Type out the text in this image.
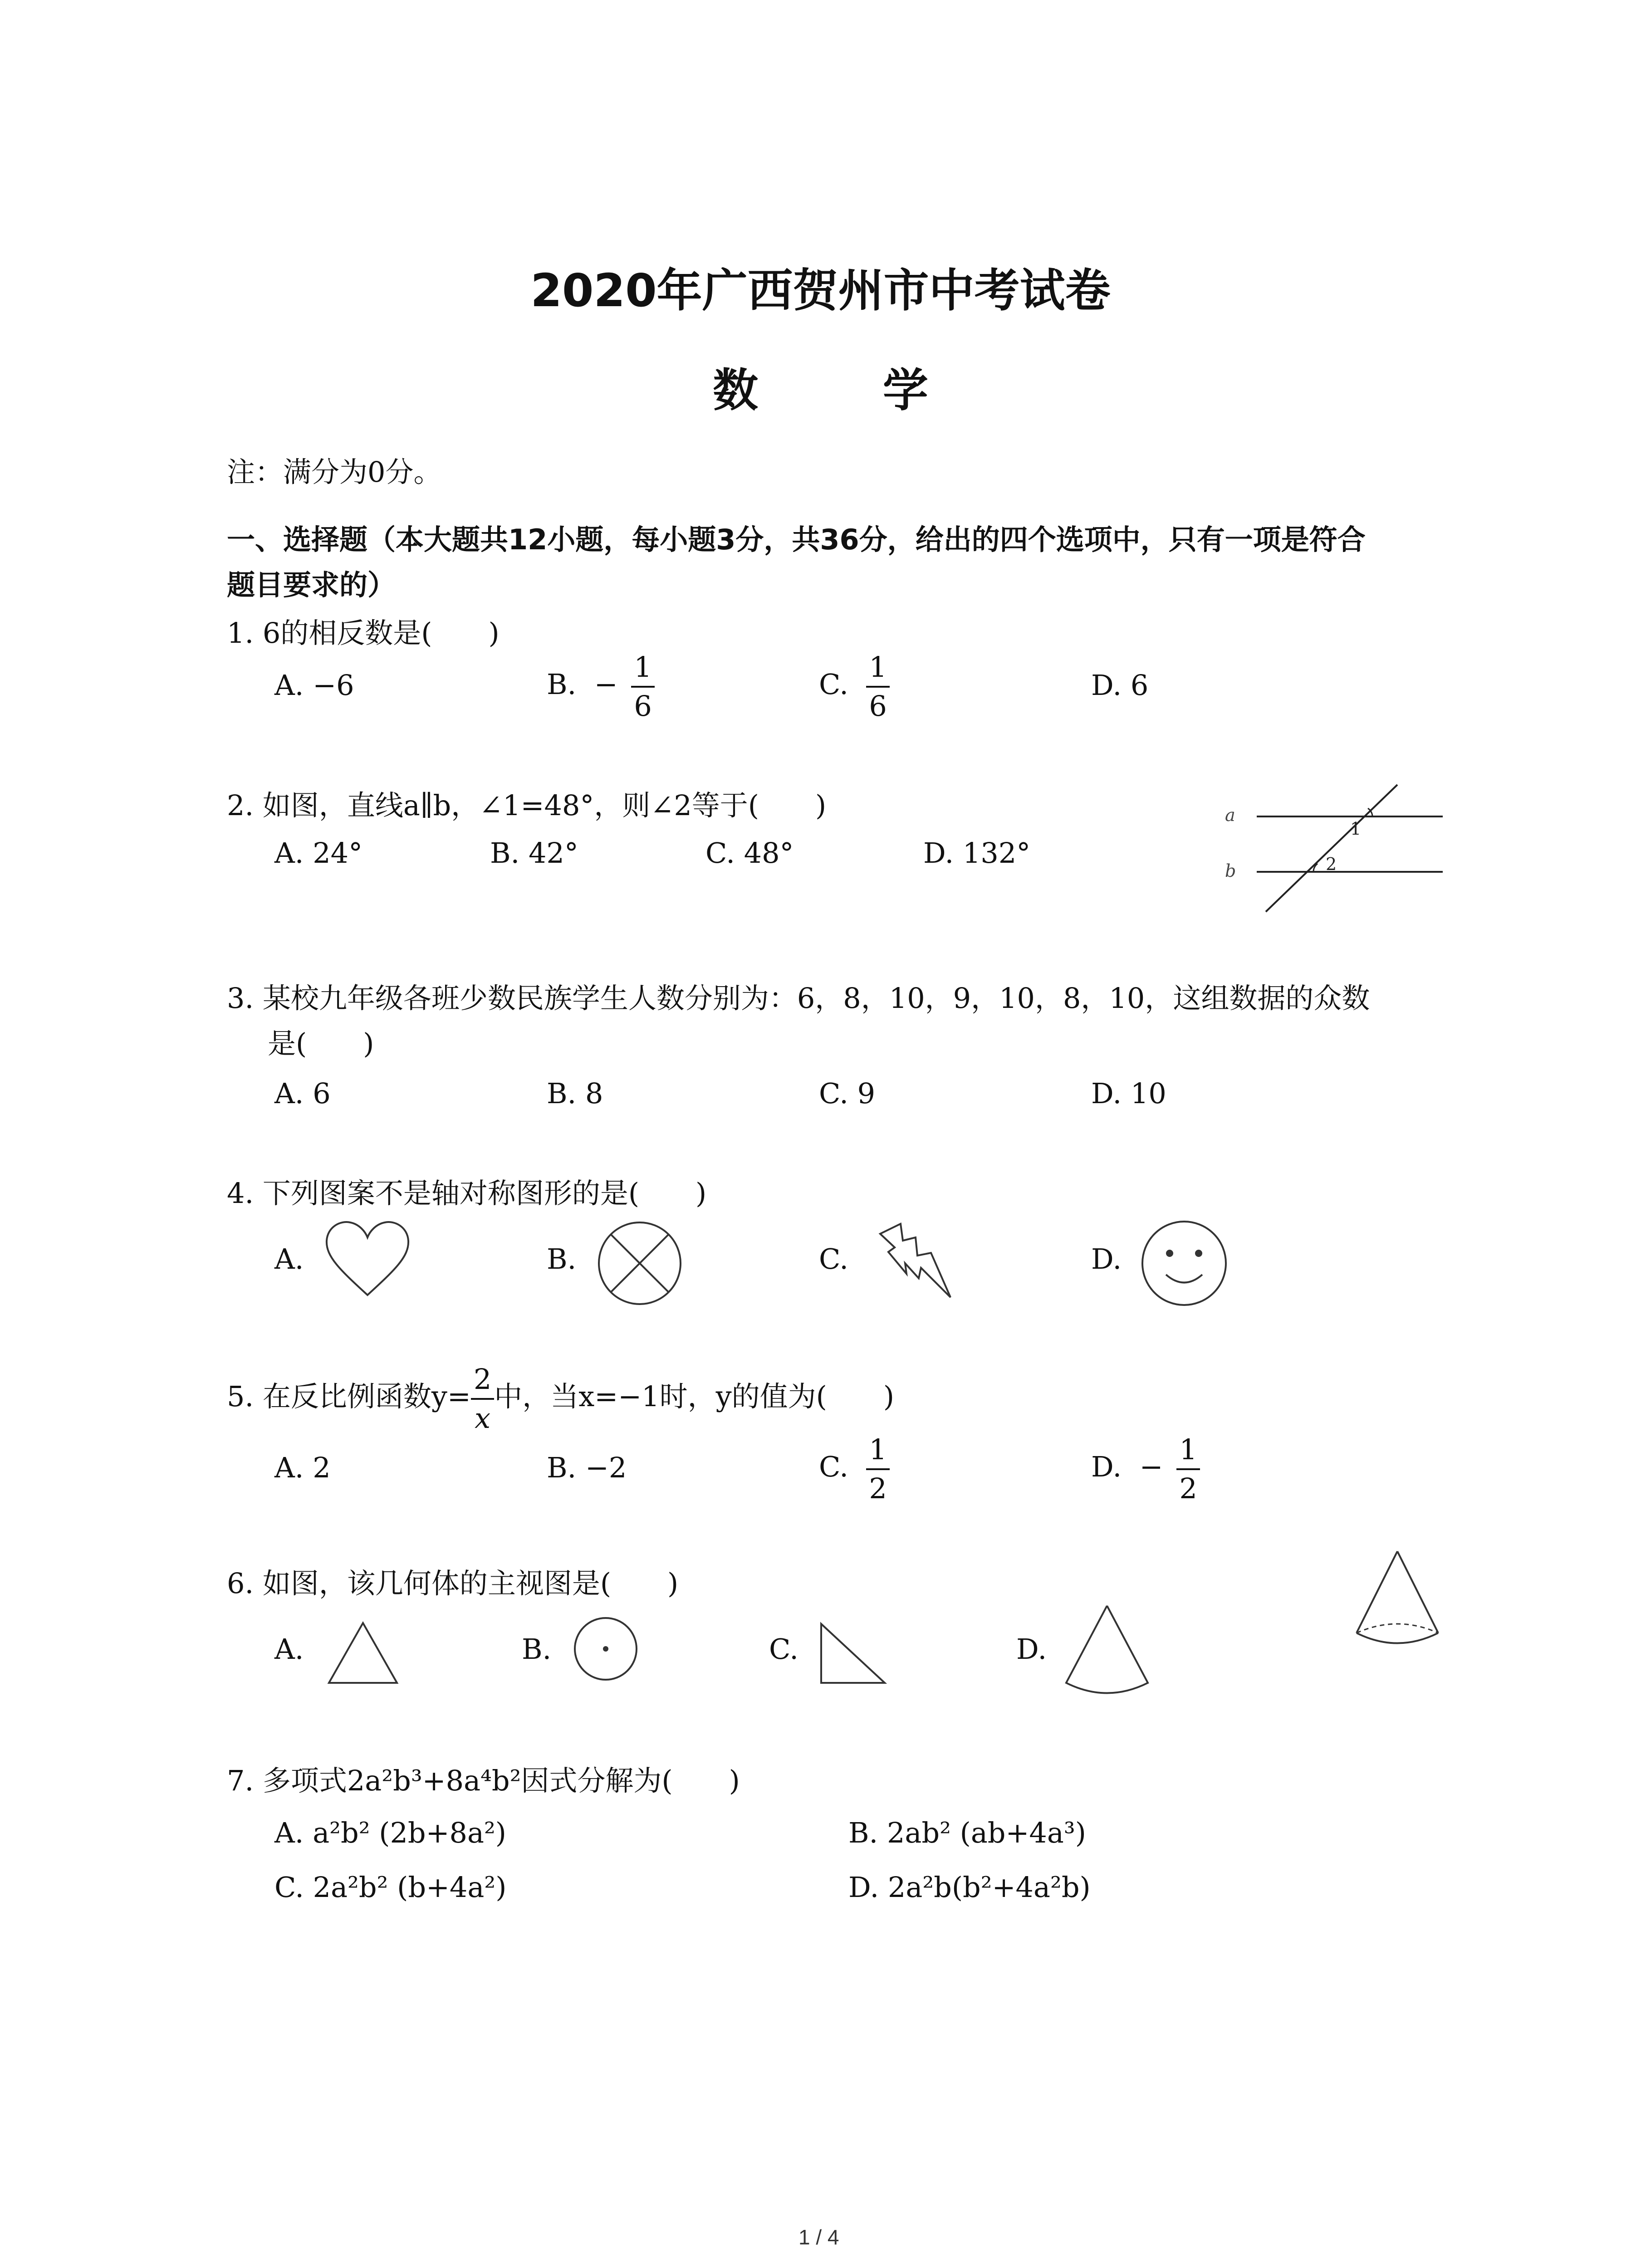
2020年广西贺州市中考试卷
数 学
注：满分为0分。
一、选择题（本大题共12小题，每小题3分，共36分，给出的四个选项中，只有一项是符合
题目要求的）
1. 6的相反数是(　　)
A. −6	B. − $\frac{1}{6}$	C. $\frac{1}{6}$	D. 6
2. 如图，直线a∥b，∠1=48°，则∠2等于(　　)
A. 24°	B. 42°	C. 48°	D. 132°
a
b
1
2
3. 某校九年级各班少数民族学生人数分别为：6，8，10，9，10，8，10，这组数据的众数
是(　　)
A. 6	B. 8	C. 9	D. 10
4. 下列图案不是轴对称图形的是(　　)
A.	B.	C.	D.
5. 在反比例函数$y= \frac{2}{x}$ 中，当x=−1时，y的值为(　　)
A. 2	B. −2	C. $\frac{1}{2}$	D. − $\frac{1}{2}$
6. 如图，该几何体的主视图是(　　)
A.	B.	C.	D.
7. 多项式2a²b³+8a⁴b²因式分解为(　　)
A. a²b² (2b+8a²)	B. 2ab² (ab+4a³)
C. 2a²b² (b+4a²)	D. 2a²b(b²+4a²b)
1 / 4
